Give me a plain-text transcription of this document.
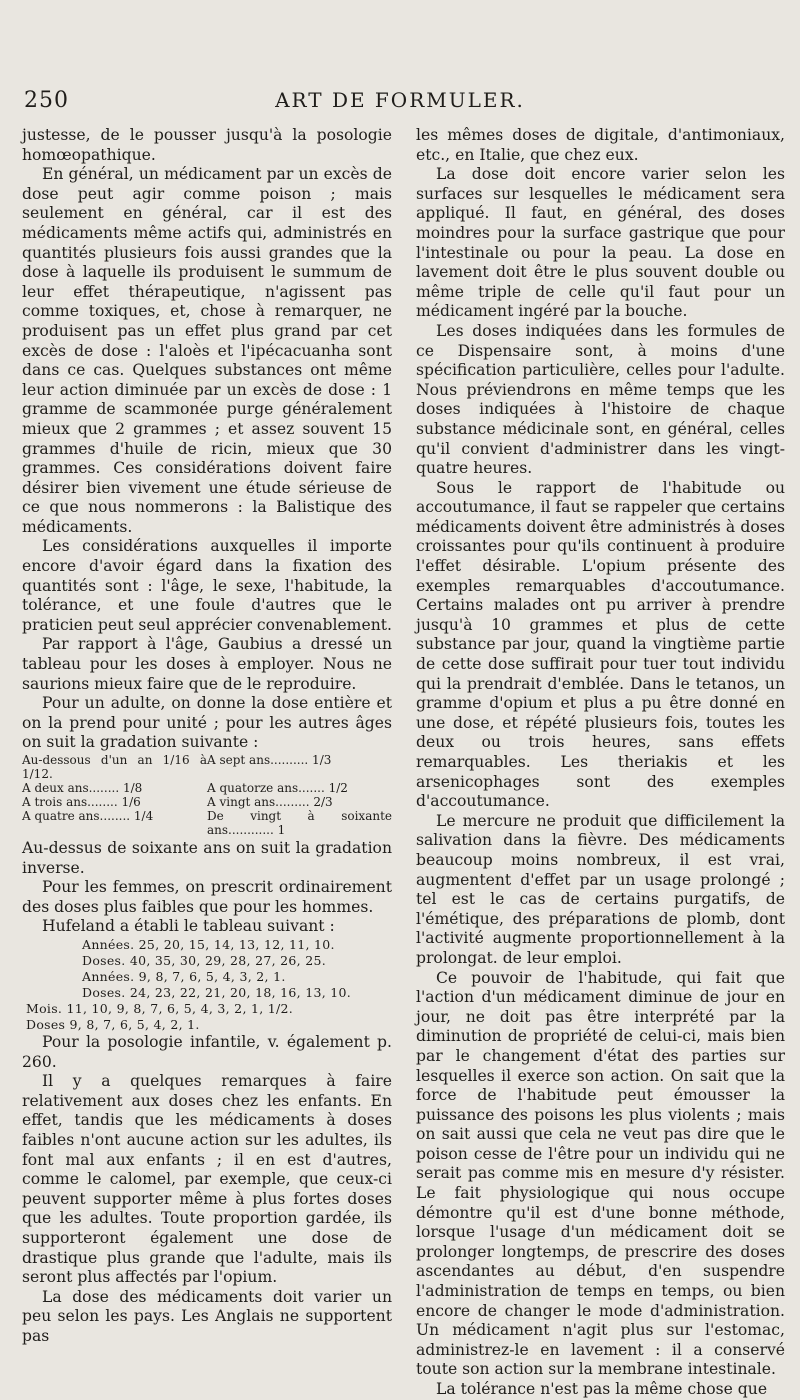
250	ART DE FORMULER.

justesse, de le pousser jusqu'à la posologie homœopathique.

En général, un médicament par un excès de dose peut agir comme poison ; mais seulement en général, car il est des médicaments même actifs qui, administrés en quantités plusieurs fois aussi grandes que la dose à laquelle ils produisent le summum de leur effet thérapeutique, n'agissent pas comme toxiques, et, chose à remarquer, ne produisent pas un effet plus grand par cet excès de dose : l'aloès et l'ipécacuanha sont dans ce cas. Quelques substances ont même leur action diminuée par un excès de dose : 1 gramme de scammonée purge généralement mieux que 2 grammes ; et assez souvent 15 grammes d'huile de ricin, mieux que 30 grammes. Ces considérations doivent faire désirer bien vivement une étude sérieuse de ce que nous nommerons : la Balistique des médicaments.

Les considérations auxquelles il importe encore d'avoir égard dans la fixation des quantités sont : l'âge, le sexe, l'habitude, la tolérance, et une foule d'autres que le praticien peut seul apprécier convenablement.

Par rapport à l'âge, Gaubius a dressé un tableau pour les doses à employer. Nous ne saurions mieux faire que de le reproduire.

Pour un adulte, on donne la dose entière et on la prend pour unité ; pour les autres âges on suit la gradation suivante :

Au-dessous d'un an 1/16 à 1/12.	A sept ans.......... 1/3
A deux ans........ 1/8	A quatorze ans....... 1/2
A trois ans........ 1/6	A vingt ans......... 2/3
A quatre ans........ 1/4	De vingt à soixante ans............ 1

Au-dessus de soixante ans on suit la gradation inverse.

Pour les femmes, on prescrit ordinairement des doses plus faibles que pour les hommes.

Hufeland a établi le tableau suivant :

Années. 25, 20, 15, 14, 13, 12, 11, 10.
Doses. 40, 35, 30, 29, 28, 27, 26, 25.
Années. 9, 8, 7, 6, 5, 4, 3, 2, 1.
Doses. 24, 23, 22, 21, 20, 18, 16, 13, 10.
Mois. 11, 10, 9, 8, 7, 6, 5, 4, 3, 2, 1, 1/2.
Doses 9, 8, 7, 6, 5, 4, 2, 1.

Pour la posologie infantile, v. également p. 260.

Il y a quelques remarques à faire relativement aux doses chez les enfants. En effet, tandis que les médicaments à doses faibles n'ont aucune action sur les adultes, ils font mal aux enfants ; il en est d'autres, comme le calomel, par exemple, que ceux-ci peuvent supporter même à plus fortes doses que les adultes. Toute proportion gardée, ils supporteront également une dose de drastique plus grande que l'adulte, mais ils seront plus affectés par l'opium.

La dose des médicaments doit varier un peu selon les pays. Les Anglais ne supportent pas

les mêmes doses de digitale, d'antimoniaux, etc., en Italie, que chez eux.

La dose doit encore varier selon les surfaces sur lesquelles le médicament sera appliqué. Il faut, en général, des doses moindres pour la surface gastrique que pour l'intestinale ou pour la peau. La dose en lavement doit être le plus souvent double ou même triple de celle qu'il faut pour un médicament ingéré par la bouche.

Les doses indiquées dans les formules de ce Dispensaire sont, à moins d'une spécification particulière, celles pour l'adulte. Nous préviendrons en même temps que les doses indiquées à l'histoire de chaque substance médicinale sont, en général, celles qu'il convient d'administrer dans les vingt-quatre heures.

Sous le rapport de l'habitude ou accoutumance, il faut se rappeler que certains médicaments doivent être administrés à doses croissantes pour qu'ils continuent à produire l'effet désirable. L'opium présente des exemples remarquables d'accoutumance. Certains malades ont pu arriver à prendre jusqu'à 10 grammes et plus de cette substance par jour, quand la vingtième partie de cette dose suffirait pour tuer tout individu qui la prendrait d'emblée. Dans le tetanos, un gramme d'opium et plus a pu être donné en une dose, et répété plusieurs fois, toutes les deux ou trois heures, sans effets remarquables. Les theriakis et les arsenicophages sont des exemples d'accoutumance.

Le mercure ne produit que difficilement la salivation dans la fièvre. Des médicaments beaucoup moins nombreux, il est vrai, augmentent d'effet par un usage prolongé ; tel est le cas de certains purgatifs, de l'émétique, des préparations de plomb, dont l'activité augmente proportionnellement à la prolongat. de leur emploi.

Ce pouvoir de l'habitude, qui fait que l'action d'un médicament diminue de jour en jour, ne doit pas être interprété par la diminution de propriété de celui-ci, mais bien par le changement d'état des parties sur lesquelles il exerce son action. On sait que la force de l'habitude peut émousser la puissance des poisons les plus violents ; mais on sait aussi que cela ne veut pas dire que le poison cesse de l'être pour un individu qui ne serait pas comme mis en mesure d'y résister. Le fait physiologique qui nous occupe démontre qu'il est d'une bonne méthode, lorsque l'usage d'un médicament doit se prolonger longtemps, de prescrire des doses ascendantes au début, d'en suspendre l'administration de temps en temps, ou bien encore de changer le mode d'administration. Un médicament n'agit plus sur l'estomac, administrez-le en lavement : il a conservé toute son action sur la membrane intestinale.

La tolérance n'est pas la même chose que
